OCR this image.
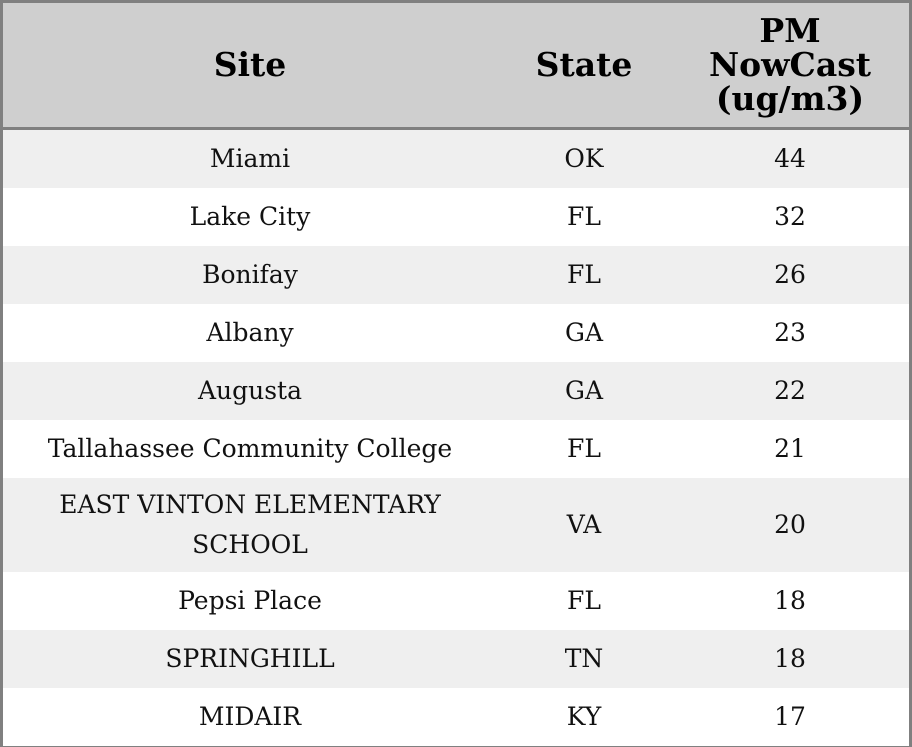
Site	State	PM NowCast (ug/m3)
Miami	OK	44
Lake City	FL	32
Bonifay	FL	26
Albany	GA	23
Augusta	GA	22
Tallahassee Community College	FL	21
EAST VINTON ELEMENTARY SCHOOL	VA	20
Pepsi Place	FL	18
SPRINGHILL	TN	18
MIDAIR	KY	17
